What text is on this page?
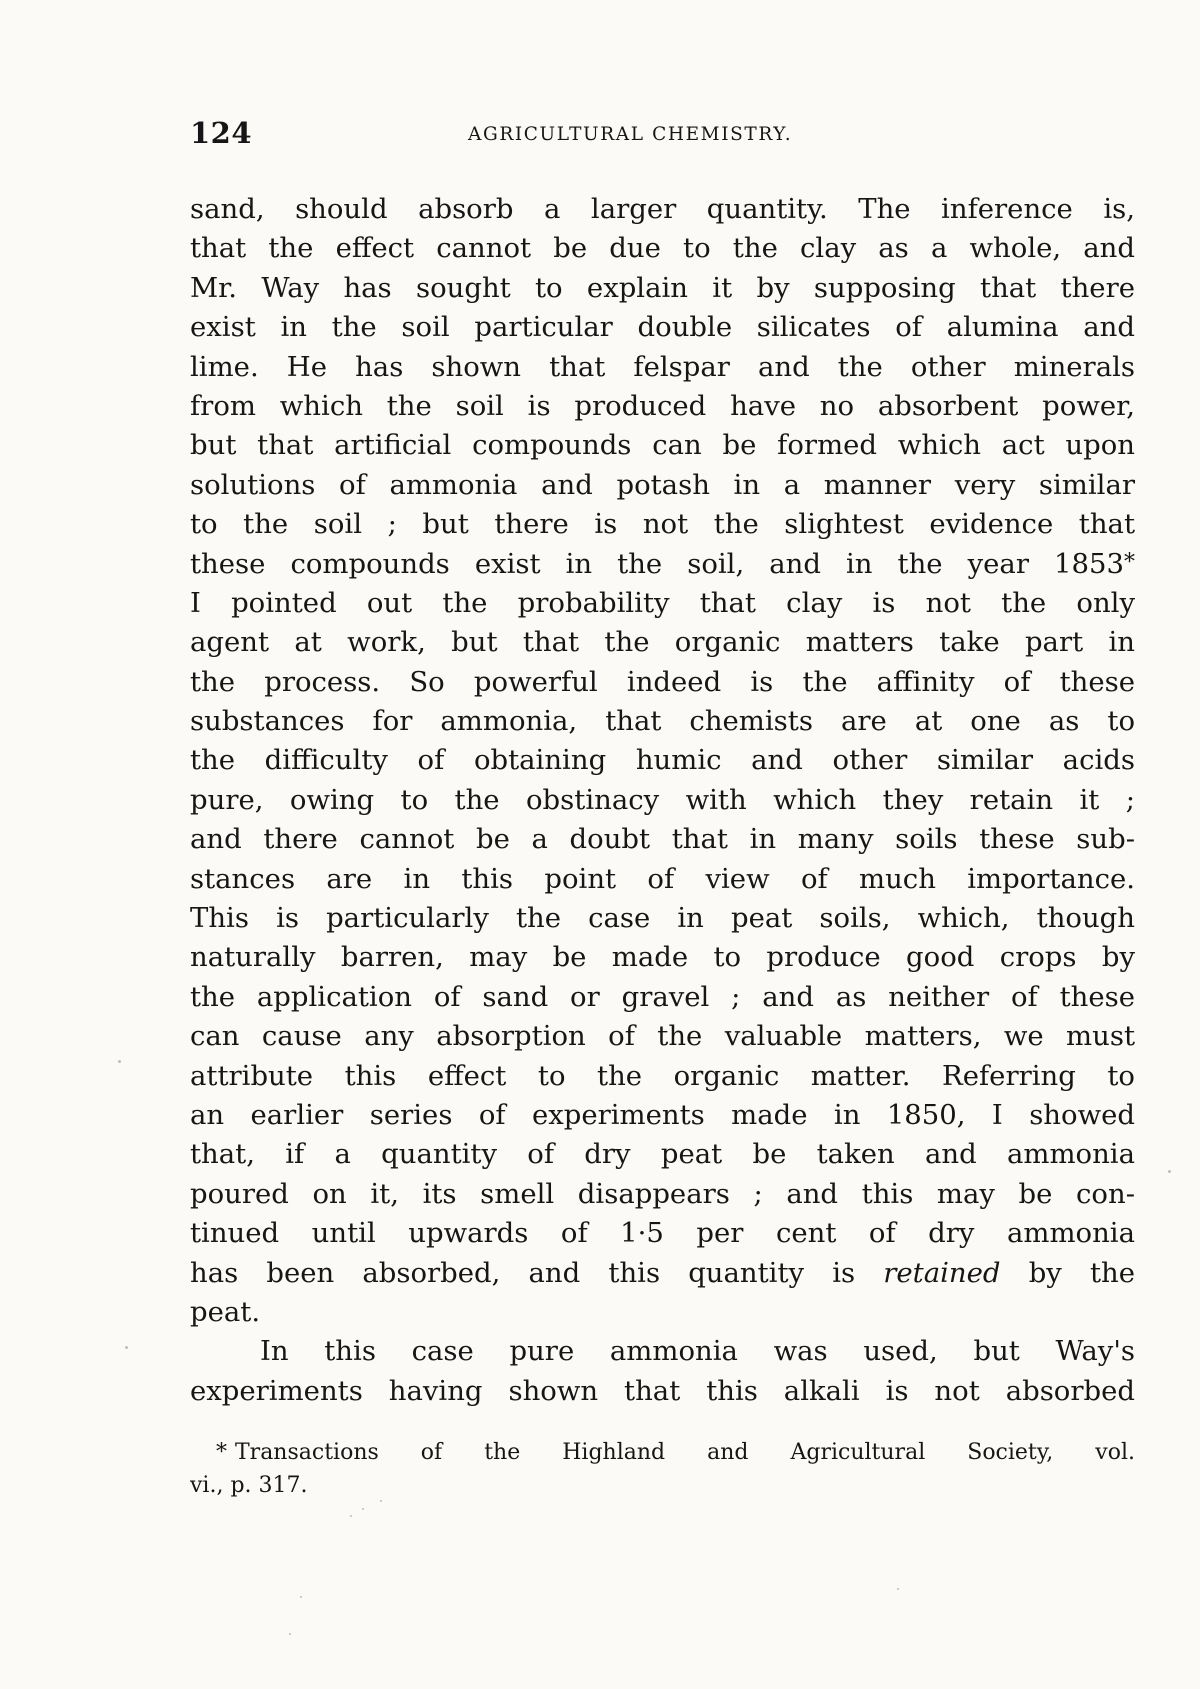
124	AGRICULTURAL CHEMISTRY.
sand, should absorb a larger quantity. The inference is,
that the effect cannot be due to the clay as a whole, and
Mr. Way has sought to explain it by supposing that there
exist in the soil particular double silicates of alumina and
lime. He has shown that felspar and the other minerals
from which the soil is produced have no absorbent power,
but that artificial compounds can be formed which act upon
solutions of ammonia and potash in a manner very similar
to the soil ; but there is not the slightest evidence that
these compounds exist in the soil, and in the year 1853*
I pointed out the probability that clay is not the only
agent at work, but that the organic matters take part in
the process. So powerful indeed is the affinity of these
substances for ammonia, that chemists are at one as to
the difficulty of obtaining humic and other similar acids
pure, owing to the obstinacy with which they retain it ;
and there cannot be a doubt that in many soils these sub-
stances are in this point of view of much importance.
This is particularly the case in peat soils, which, though
naturally barren, may be made to produce good crops by
the application of sand or gravel ; and as neither of these
can cause any absorption of the valuable matters, we must
attribute this effect to the organic matter. Referring to
an earlier series of experiments made in 1850, I showed
that, if a quantity of dry peat be taken and ammonia
poured on it, its smell disappears ; and this may be con-
tinued until upwards of 1·5 per cent of dry ammonia
has been absorbed, and this quantity is retained by the
peat.
In this case pure ammonia was used, but Way's
experiments having shown that this alkali is not absorbed
* Transactions of the Highland and Agricultural Society, vol.
vi., p. 317.
